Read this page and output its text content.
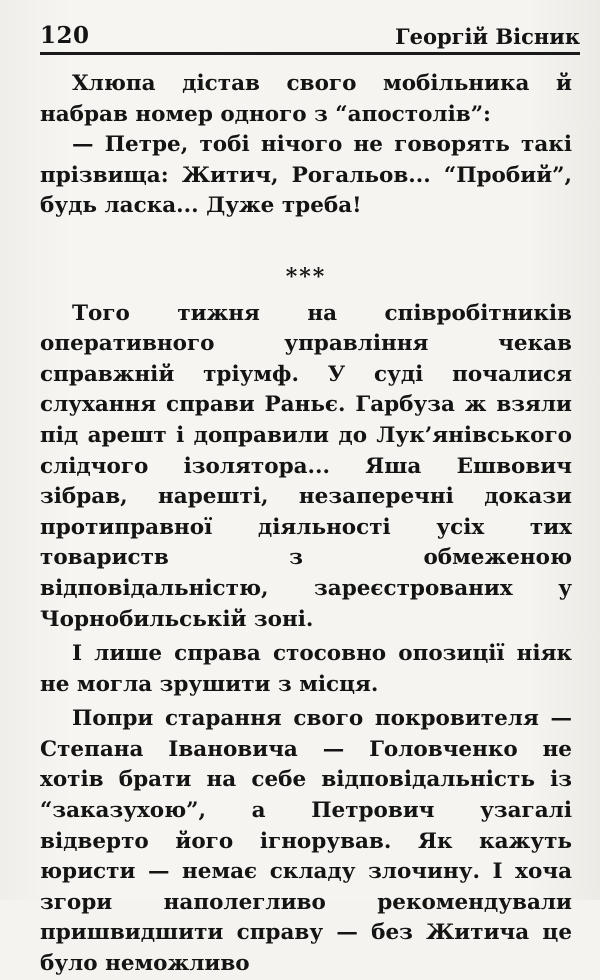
120	Георгій Вісник

Хлюпа дістав свого мобільника й набрав номер одного з “апостолів”:

— Петре, тобі нічого не говорять такі прізвища: Житич, Рогальов... “Пробий”, будь ласка... Дуже треба!

***

Того тижня на співробітників оперативного управління чекав справжній тріумф. У суді почалися слухання справи Раньє. Гарбуза ж взяли під арешт і доправили до Лук’янівського слідчого ізолятора... Яша Ешвович зібрав, нарешті, незаперечні докази протиправної діяльності усіх тих товариств з обмеженою відповідальністю, зареєстрованих у Чорнобильській зоні.

І лише справа стосовно опозиції ніяк не могла зрушити з місця.

Попри старання свого покровителя — Степана Івановича — Головченко не хотів брати на себе відповідальність із “заказухою”, а Петрович узагалі відверто його ігнорував. Як кажуть юристи — немає складу злочину. І хоча згори наполегливо рекомендували пришвидшити справу — без Житича це було неможливо
